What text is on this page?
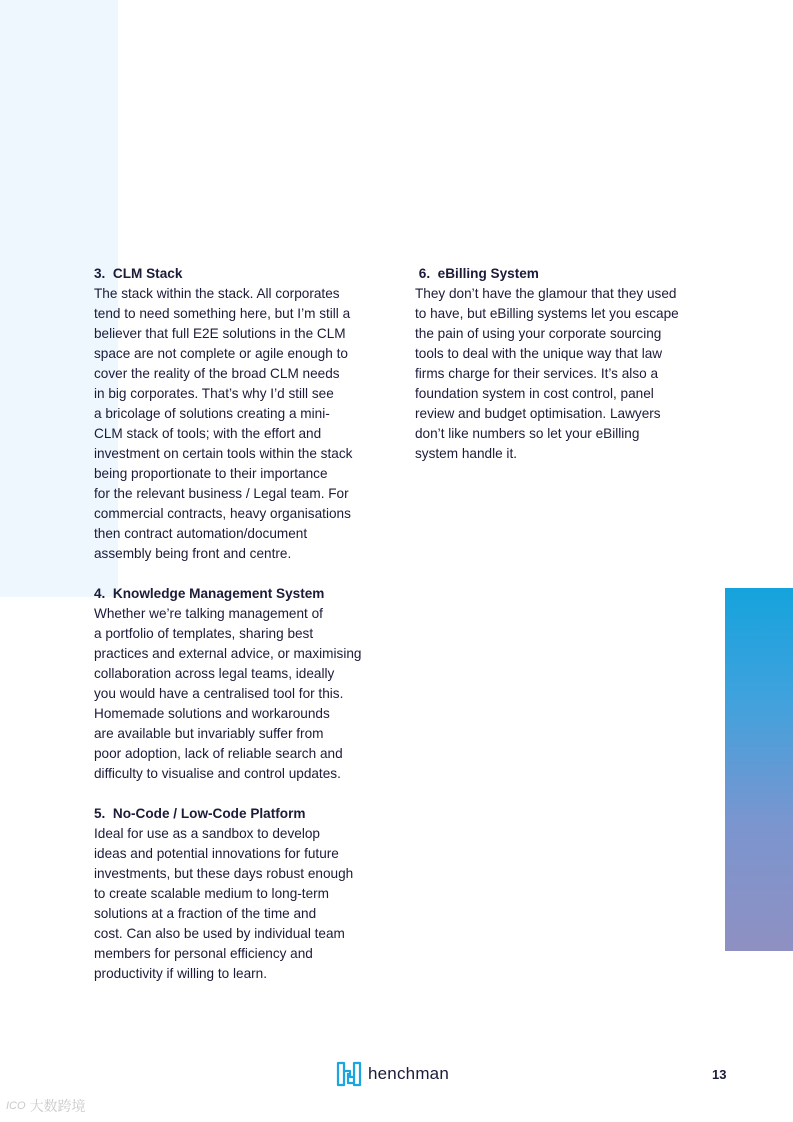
3.  CLM Stack
The stack within the stack. All corporates
tend to need something here, but I’m still a
believer that full E2E solutions in the CLM
space are not complete or agile enough to
cover the reality of the broad CLM needs
in big corporates. That’s why I’d still see
a bricolage of solutions creating a mini-
CLM stack of tools; with the effort and
investment on certain tools within the stack
being proportionate to their importance
for the relevant business / Legal team. For
commercial contracts, heavy organisations
then contract automation/document
assembly being front and centre.
4.  Knowledge Management System
Whether we’re talking management of
a portfolio of templates, sharing best
practices and external advice, or maximising
collaboration across legal teams, ideally
you would have a centralised tool for this.
Homemade solutions and workarounds
are available but invariably suffer from
poor adoption, lack of reliable search and
difficulty to visualise and control updates.
5.  No-Code / Low-Code Platform
Ideal for use as a sandbox to develop
ideas and potential innovations for future
investments, but these days robust enough
to create scalable medium to long-term
solutions at a fraction of the time and
cost. Can also be used by individual team
members for personal efficiency and
productivity if willing to learn.
6.  eBilling System
They don’t have the glamour that they used
to have, but eBilling systems let you escape
the pain of using your corporate sourcing
tools to deal with the unique way that law
firms charge for their services. It’s also a
foundation system in cost control, panel
review and budget optimisation. Lawyers
don’t like numbers so let your eBilling
system handle it.
henchman	13
ICO 大数跨境
